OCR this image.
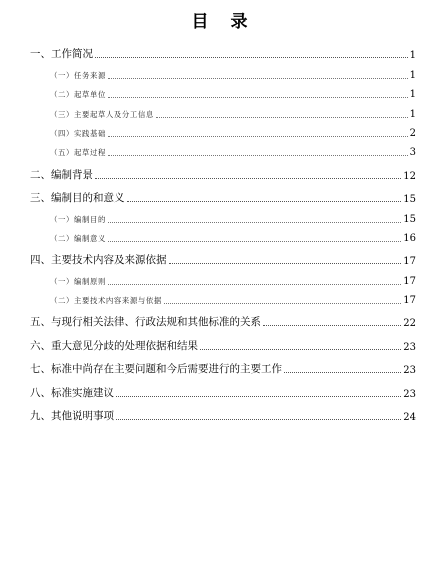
目 录
一、工作简况	1
（一）任务来源	1
（二）起草单位	1
（三）主要起草人及分工信息	1
（四）实践基础	2
（五）起草过程	3
二、编制背景	12
三、编制目的和意义	15
（一）编制目的	15
（二）编制意义	16
四、主要技术内容及来源依据	17
（一）编制原则	17
（二）主要技术内容来源与依据	17
五、与现行相关法律、行政法规和其他标准的关系	22
六、重大意见分歧的处理依据和结果	23
七、标准中尚存在主要问题和今后需要进行的主要工作	23
八、标准实施建议	23
九、其他说明事项	24
